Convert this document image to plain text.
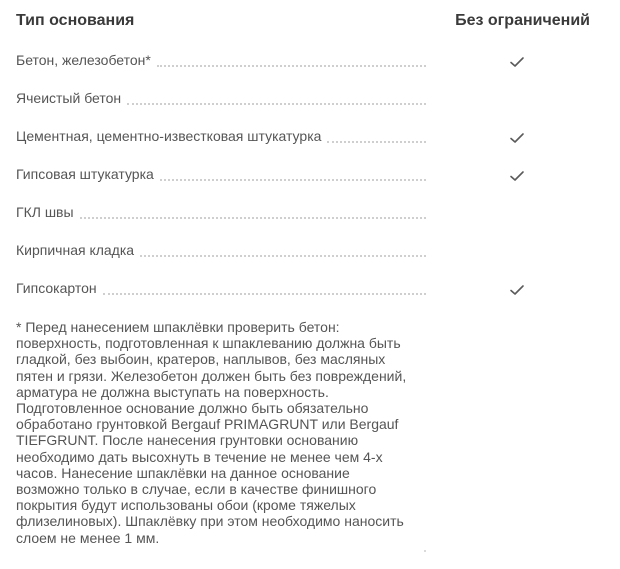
Тип основания	Без ограничений
Бетон, железобетон*
Ячеистый бетон
Цементная, цементно-известковая штукатурка
Гипсовая штукатурка
ГКЛ швы
Кирпичная кладка
Гипсокартон

* Перед нанесением шпаклёвки проверить бетон: поверхность, подготовленная к шпаклеванию должна быть гладкой, без выбоин, кратеров, наплывов, без масляных пятен и грязи. Железобетон должен быть без повреждений, арматура не должна выступать на поверхность. Подготовленное основание должно быть обязательно обработано грунтовкой Bergauf PRIMAGRUNT или Bergauf TIEFGRUNT. После нанесения грунтовки основанию необходимо дать высохнуть в течение не менее чем 4-х часов. Нанесение шпаклёвки на данное основание возможно только в случае, если в качестве финишного покрытия будут использованы обои (кроме тяжелых флизелиновых). Шпаклёвку при этом необходимо наносить слоем не менее 1 мм.
